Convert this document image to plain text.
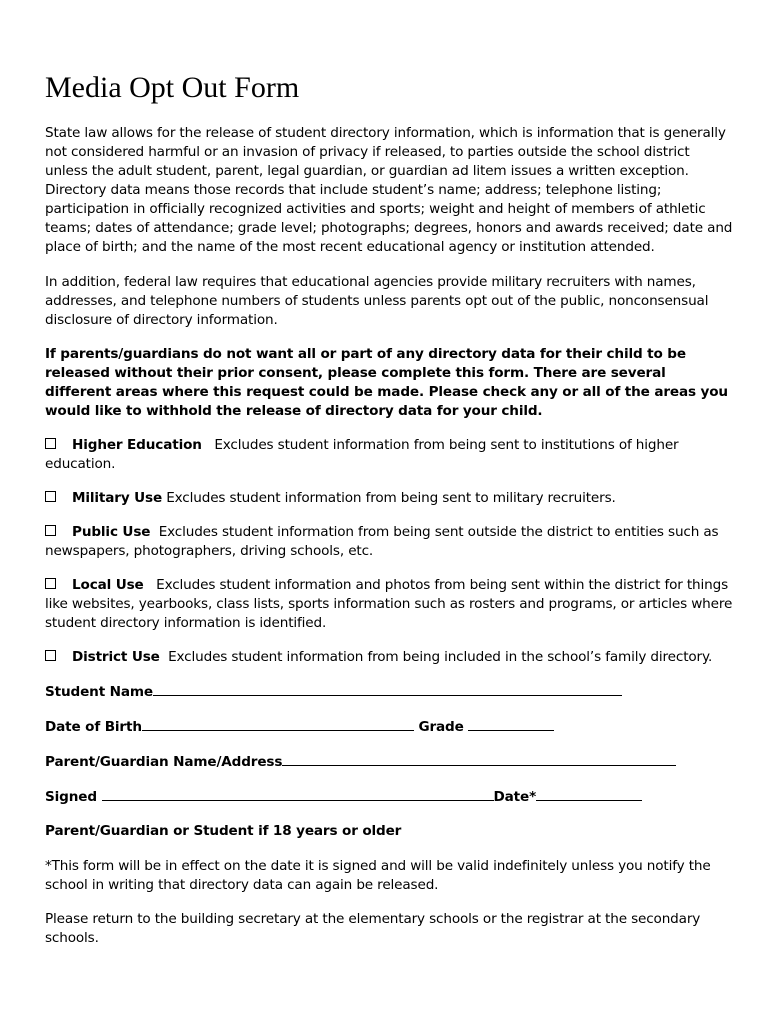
Media Opt Out Form

State law allows for the release of student directory information, which is information that is generally not considered harmful or an invasion of privacy if released, to parties outside the school district unless the adult student, parent, legal guardian, or guardian ad litem issues a written exception. Directory data means those records that include student’s name; address; telephone listing; participation in officially recognized activities and sports; weight and height of members of athletic teams; dates of attendance; grade level; photographs; degrees, honors and awards received; date and place of birth; and the name of the most recent educational agency or institution attended.

In addition, federal law requires that educational agencies provide military recruiters with names, addresses, and telephone numbers of students unless parents opt out of the public, nonconsensual disclosure of directory information.

If parents/guardians do not want all or part of any directory data for their child to be released without their prior consent, please complete this form. There are several different areas where this request could be made. Please check any or all of the areas you would like to withhold the release of directory data for your child.

Higher Education Excludes student information from being sent to institutions of higher education.

Military Use Excludes student information from being sent to military recruiters.

Public Use Excludes student information from being sent outside the district to entities such as newspapers, photographers, driving schools, etc.

Local Use Excludes student information and photos from being sent within the district for things like websites, yearbooks, class lists, sports information such as rosters and programs, or articles where student directory information is identified.

District Use Excludes student information from being included in the school’s family directory.

Student Name

Date of Birth	Grade

Parent/Guardian Name/Address

Signed	Date*

Parent/Guardian or Student if 18 years or older

*This form will be in effect on the date it is signed and will be valid indefinitely unless you notify the school in writing that directory data can again be released.

Please return to the building secretary at the elementary schools or the registrar at the secondary schools.
